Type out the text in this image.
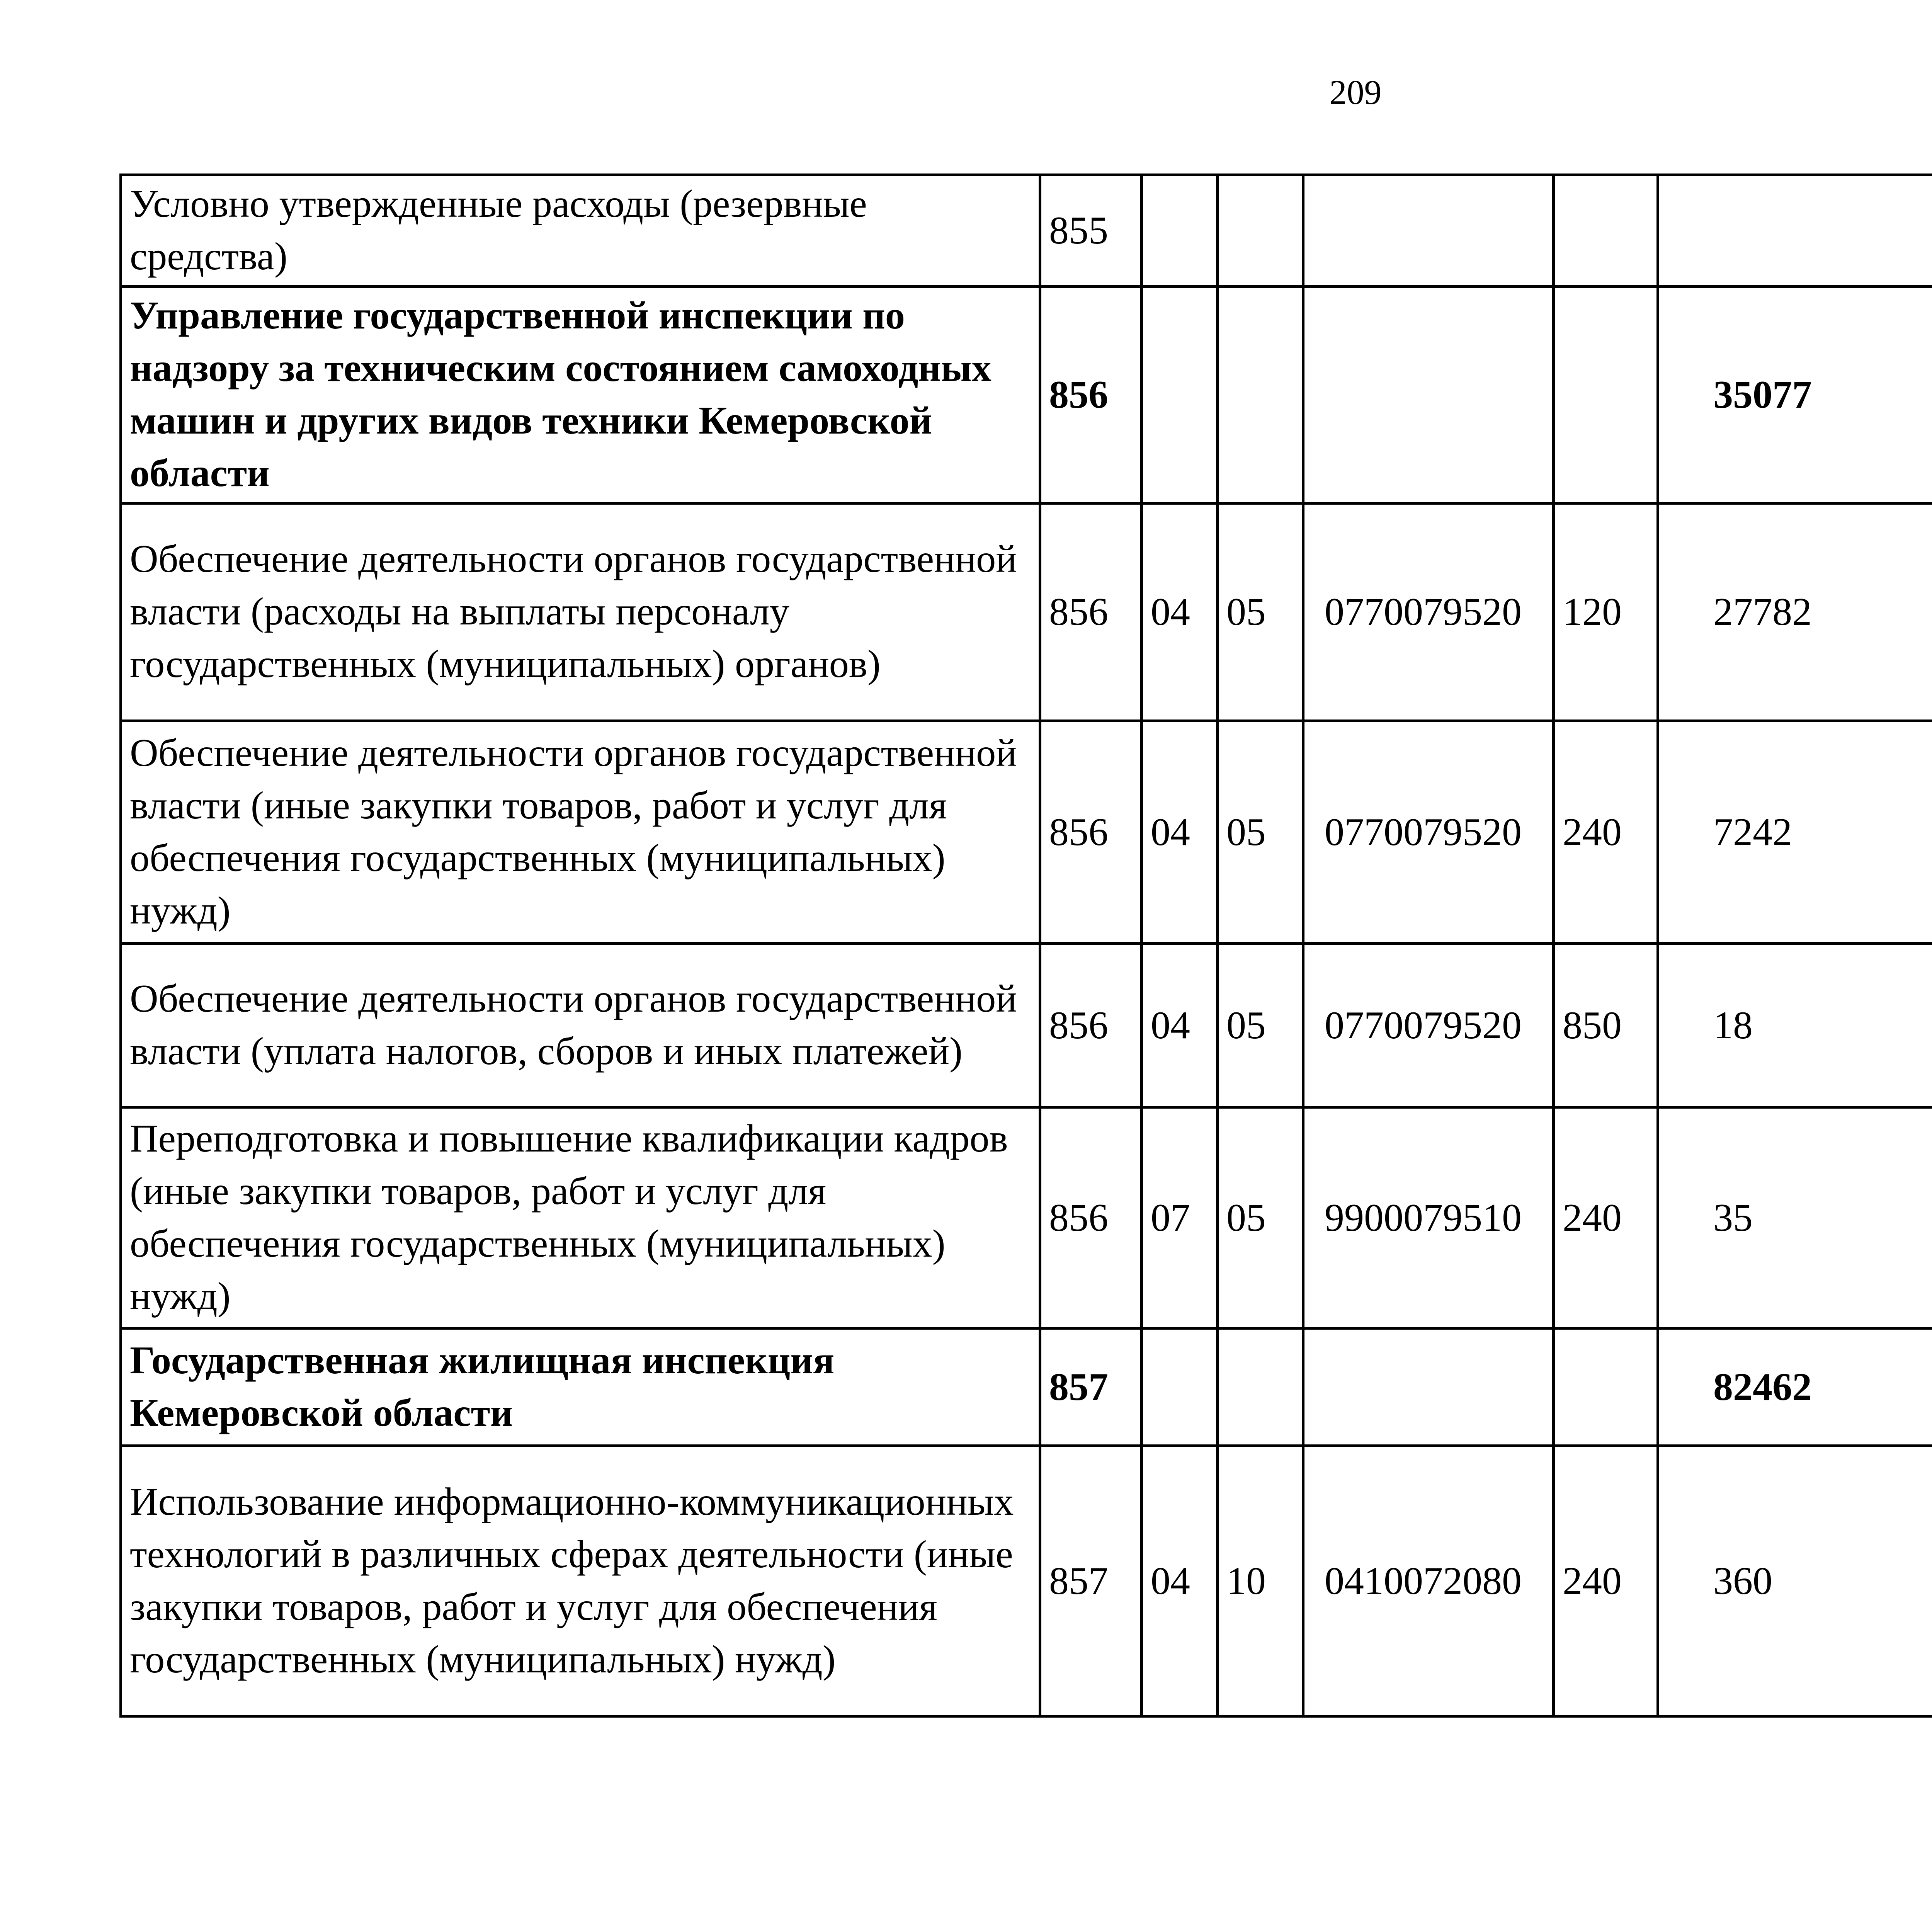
209
Условно утвержденные расходы (резервные средства)	855							
Управление государственной инспекции по надзору за техническим состоянием самоходных машин и других видов техники Кемеровской области	856					35077		
Обеспечение деятельности органов государственной власти (расходы на выплаты персоналу государственных (муниципальных) органов)	856	04	05	0770079520	120	27782		
Обеспечение деятельности органов государственной власти (иные закупки товаров, работ и услуг для обеспечения государственных (муниципальных) нужд)	856	04	05	0770079520	240	7242		
Обеспечение деятельности органов государственной власти (уплата налогов, сборов и иных платежей)	856	04	05	0770079520	850	18		
Переподготовка и повышение квалификации кадров (иные закупки товаров, работ и услуг для обеспечения государственных (муниципальных) нужд)	856	07	05	9900079510	240	35		
Государственная жилищная инспекция Кемеровской области	857					82462		
Использование информационно-коммуникационных технологий в различных сферах деятельности (иные закупки товаров, работ и услуг для обеспечения государственных (муниципальных) нужд)	857	04	10	0410072080	240	360		
